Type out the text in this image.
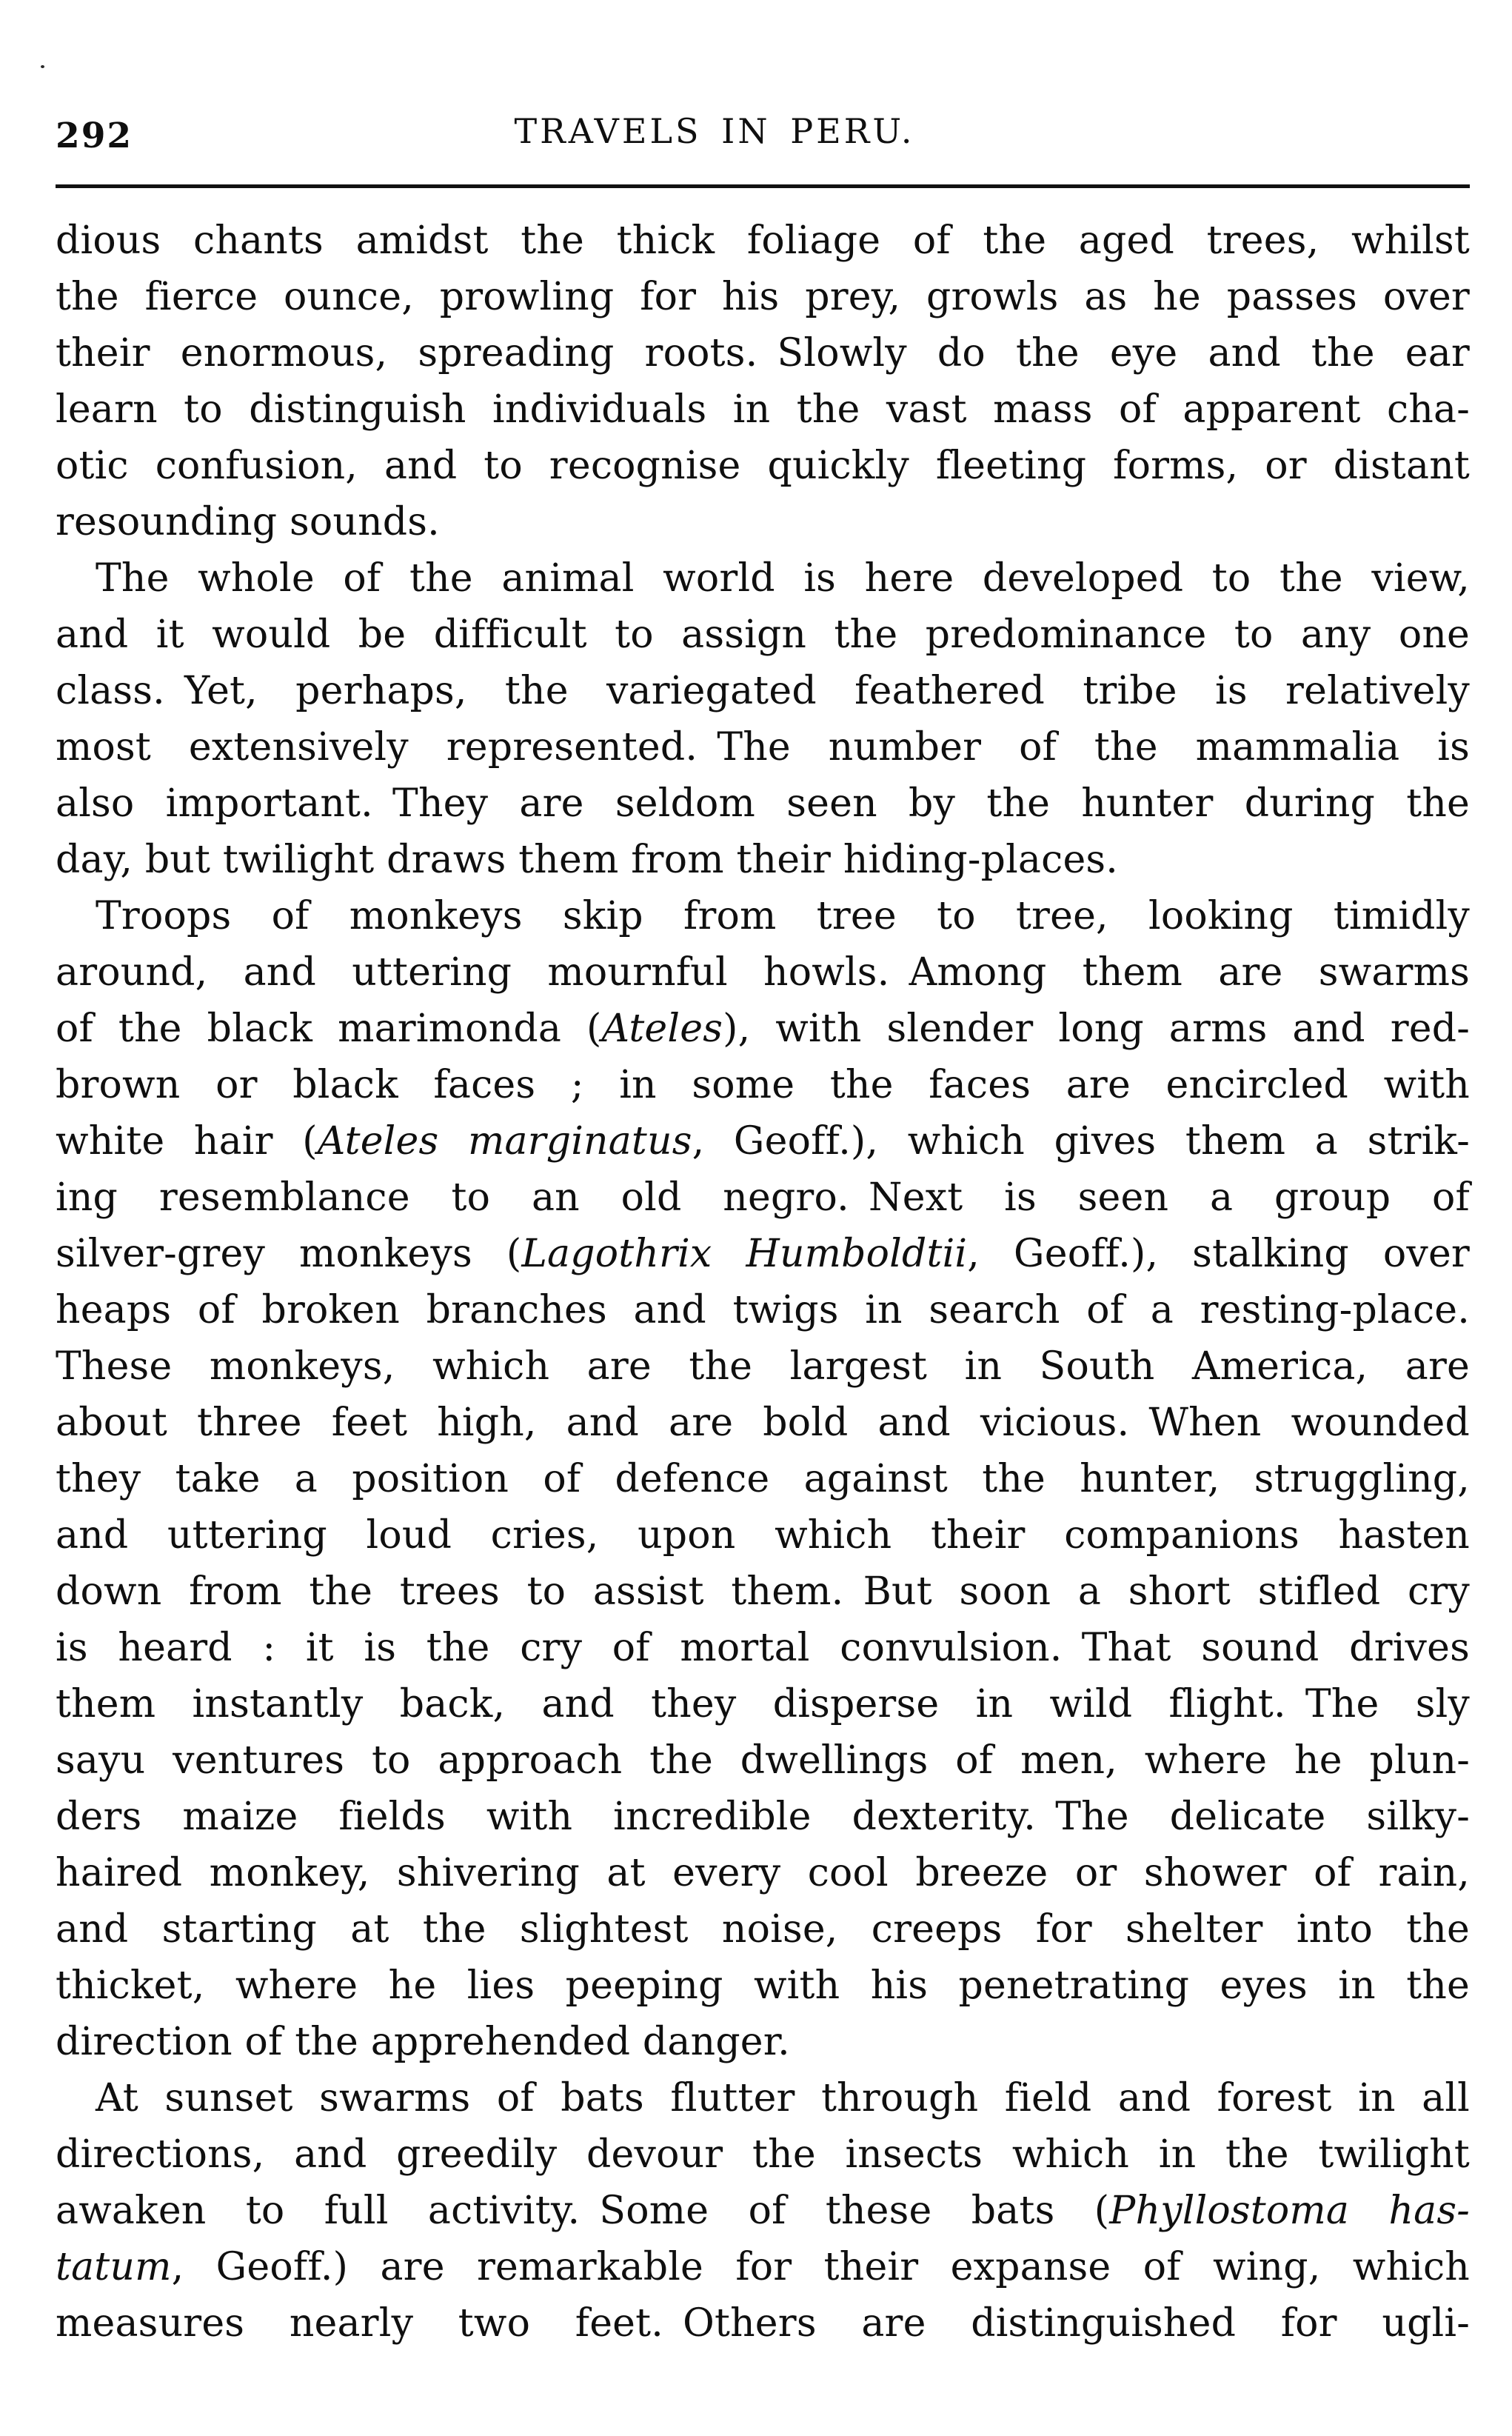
292	TRAVELS IN PERU.
dious chants amidst the thick foliage of the aged trees, whilst
the fierce ounce, prowling for his prey, growls as he passes over
their enormous, spreading roots. Slowly do the eye and the ear
learn to distinguish individuals in the vast mass of apparent cha-
otic confusion, and to recognise quickly fleeting forms, or distant
resounding sounds.
The whole of the animal world is here developed to the view,
and it would be difficult to assign the predominance to any one
class. Yet, perhaps, the variegated feathered tribe is relatively
most extensively represented. The number of the mammalia is
also important. They are seldom seen by the hunter during the
day, but twilight draws them from their hiding-places.
Troops of monkeys skip from tree to tree, looking timidly
around, and uttering mournful howls. Among them are swarms
of the black marimonda (Ateles), with slender long arms and red-
brown or black faces ; in some the faces are encircled with
white hair (Ateles marginatus, Geoff.), which gives them a strik-
ing resemblance to an old negro. Next is seen a group of
silver-grey monkeys (Lagothrix Humboldtii, Geoff.), stalking over
heaps of broken branches and twigs in search of a resting-place.
These monkeys, which are the largest in South America, are
about three feet high, and are bold and vicious. When wounded
they take a position of defence against the hunter, struggling,
and uttering loud cries, upon which their companions hasten
down from the trees to assist them. But soon a short stifled cry
is heard : it is the cry of mortal convulsion. That sound drives
them instantly back, and they disperse in wild flight. The sly
sayu ventures to approach the dwellings of men, where he plun-
ders maize fields with incredible dexterity. The delicate silky-
haired monkey, shivering at every cool breeze or shower of rain,
and starting at the slightest noise, creeps for shelter into the
thicket, where he lies peeping with his penetrating eyes in the
direction of the apprehended danger.
At sunset swarms of bats flutter through field and forest in all
directions, and greedily devour the insects which in the twilight
awaken to full activity. Some of these bats (Phyllostoma has-
tatum, Geoff.) are remarkable for their expanse of wing, which
measures nearly two feet. Others are distinguished for ugli-
